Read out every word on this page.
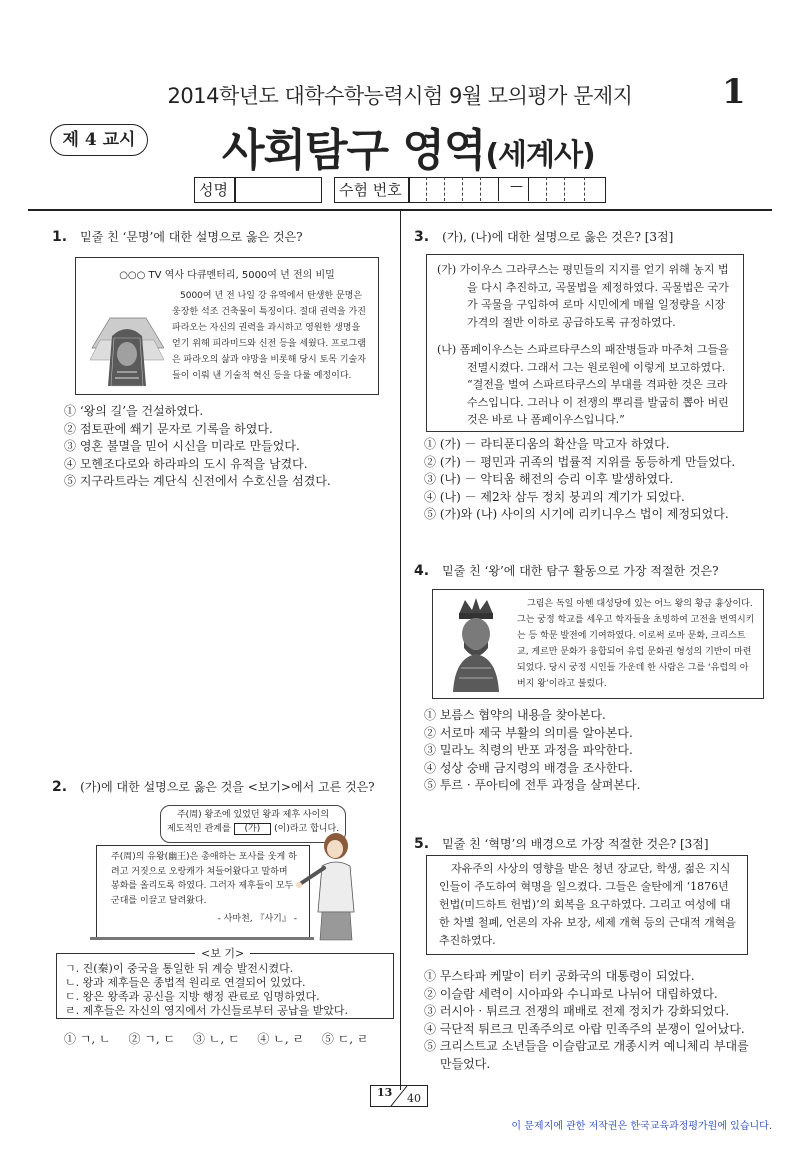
2014학년도 대학수학능력시험 9월 모의평가 문제지	1
제 4 교시 사회탐구 영역(세계사)
성명	수험 번호	—
1. 밑줄 친 ‘문명’에 대한 설명으로 옳은 것은?
○○○ TV 역사 다큐멘터리, 5000여 년 전의 비밀
5000여 년 전 나일 강 유역에서 탄생한 문명은 웅장한 석조 건축물이 특징이다. 절대 권력을 가진 파라오는 자신의 권력을 과시하고 영원한 생명을 얻기 위해 피라미드와 신전 등을 세웠다. 프로그램은 파라오의 삶과 야망을 비롯해 당시 토목 기술자들이 이뤄 낸 기술적 혁신 등을 다룰 예정이다.
① ‘왕의 길’을 건설하였다.
② 점토판에 쐐기 문자로 기록을 하였다.
③ 영혼 불멸을 믿어 시신을 미라로 만들었다.
④ 모헨조다로와 하라파의 도시 유적을 남겼다.
⑤ 지구라트라는 계단식 신전에서 수호신을 섬겼다.
2. (가)에 대한 설명으로 옳은 것을 <보기>에서 고른 것은?
주(周) 왕조에 있었던 왕과 제후 사이의
제도적인 관계를 (가) (이)라고 합니다.
주(周)의 유왕(幽王)은 총애하는 포사를 웃게 하려고 거짓으로 오랑캐가 쳐들어왔다고 말하며 봉화를 올리도록 하였다. 그러자 제후들이 모두 군대를 이끌고 달려왔다.
- 사마천, 『사기』 -
<보 기>
ㄱ. 진(秦)이 중국을 통일한 뒤 계승 발전시켰다.
ㄴ. 왕과 제후들은 종법적 원리로 연결되어 있었다.
ㄷ. 왕은 왕족과 공신을 지방 행정 관료로 임명하였다.
ㄹ. 제후들은 자신의 영지에서 가신들로부터 공납을 받았다.
① ㄱ, ㄴ ② ㄱ, ㄷ ③ ㄴ, ㄷ ④ ㄴ, ㄹ ⑤ ㄷ, ㄹ
3. (가), (나)에 대한 설명으로 옳은 것은? [3점]
(가) 가이우스 그라쿠스는 평민들의 지지를 얻기 위해 농지 법을 다시 추진하고, 곡물법을 제정하였다. 곡물법은 국가가 곡물을 구입하여 로마 시민에게 매월 일정량을 시장 가격의 절반 이하로 공급하도록 규정하였다.
(나) 폼페이우스는 스파르타쿠스의 패잔병들과 마주쳐 그들을 전멸시켰다. 그래서 그는 원로원에 이렇게 보고하였다. “결전을 벌여 스파르타쿠스의 부대를 격파한 것은 크라수스입니다. 그러나 이 전쟁의 뿌리를 발굽히 뽑아 버린 것은 바로 나 폼페이우스입니다.”
① (가) － 라티푼디움의 확산을 막고자 하였다.
② (가) － 평민과 귀족의 법률적 지위를 동등하게 만들었다.
③ (나) － 악티움 해전의 승리 이후 발생하였다.
④ (나) － 제2차 삼두 정치 붕괴의 계기가 되었다.
⑤ (가)와 (나) 사이의 시기에 리키니우스 법이 제정되었다.
4. 밑줄 친 ‘왕’에 대한 탐구 활동으로 가장 적절한 것은?
그림은 독일 아헨 대성당에 있는 어느 왕의 황금 흉상이다. 그는 궁정 학교를 세우고 학자들을 초빙하여 고전을 번역시키는 등 학문 발전에 기여하였다. 이로써 로마 문화, 크리스트교, 게르만 문화가 융합되어 유럽 문화권 형성의 기반이 마련되었다. 당시 궁정 시인들 가운데 한 사람은 그를 ‘유럽의 아버지 왕’이라고 불렀다.
① 보름스 협약의 내용을 찾아본다.
② 서로마 제국 부활의 의미를 알아본다.
③ 밀라노 칙령의 반포 과정을 파악한다.
④ 성상 숭배 금지령의 배경을 조사한다.
⑤ 투르 · 푸아티에 전투 과정을 살펴본다.
5. 밑줄 친 ‘혁명’의 배경으로 가장 적절한 것은? [3점]
자유주의 사상의 영향을 받은 청년 장교단, 학생, 젊은 지식인들이 주도하여 혁명을 일으켰다. 그들은 술탄에게 ‘1876년 헌법(미드하트 헌법)’의 회복을 요구하였다. 그리고 여성에 대한 차별 철폐, 언론의 자유 보장, 세제 개혁 등의 근대적 개혁을 추진하였다.
① 무스타파 케말이 터키 공화국의 대통령이 되었다.
② 이슬람 세력이 시아파와 수니파로 나뉘어 대립하였다.
③ 러시아 · 튀르크 전쟁의 패배로 전제 정치가 강화되었다.
④ 극단적 튀르크 민족주의로 아랍 민족주의 분쟁이 일어났다.
⑤ 크리스트교 소년들을 이슬람교로 개종시켜 예니체리 부대를
만들었다.
13 40
이 문제지에 관한 저작권은 한국교육과정평가원에 있습니다.
